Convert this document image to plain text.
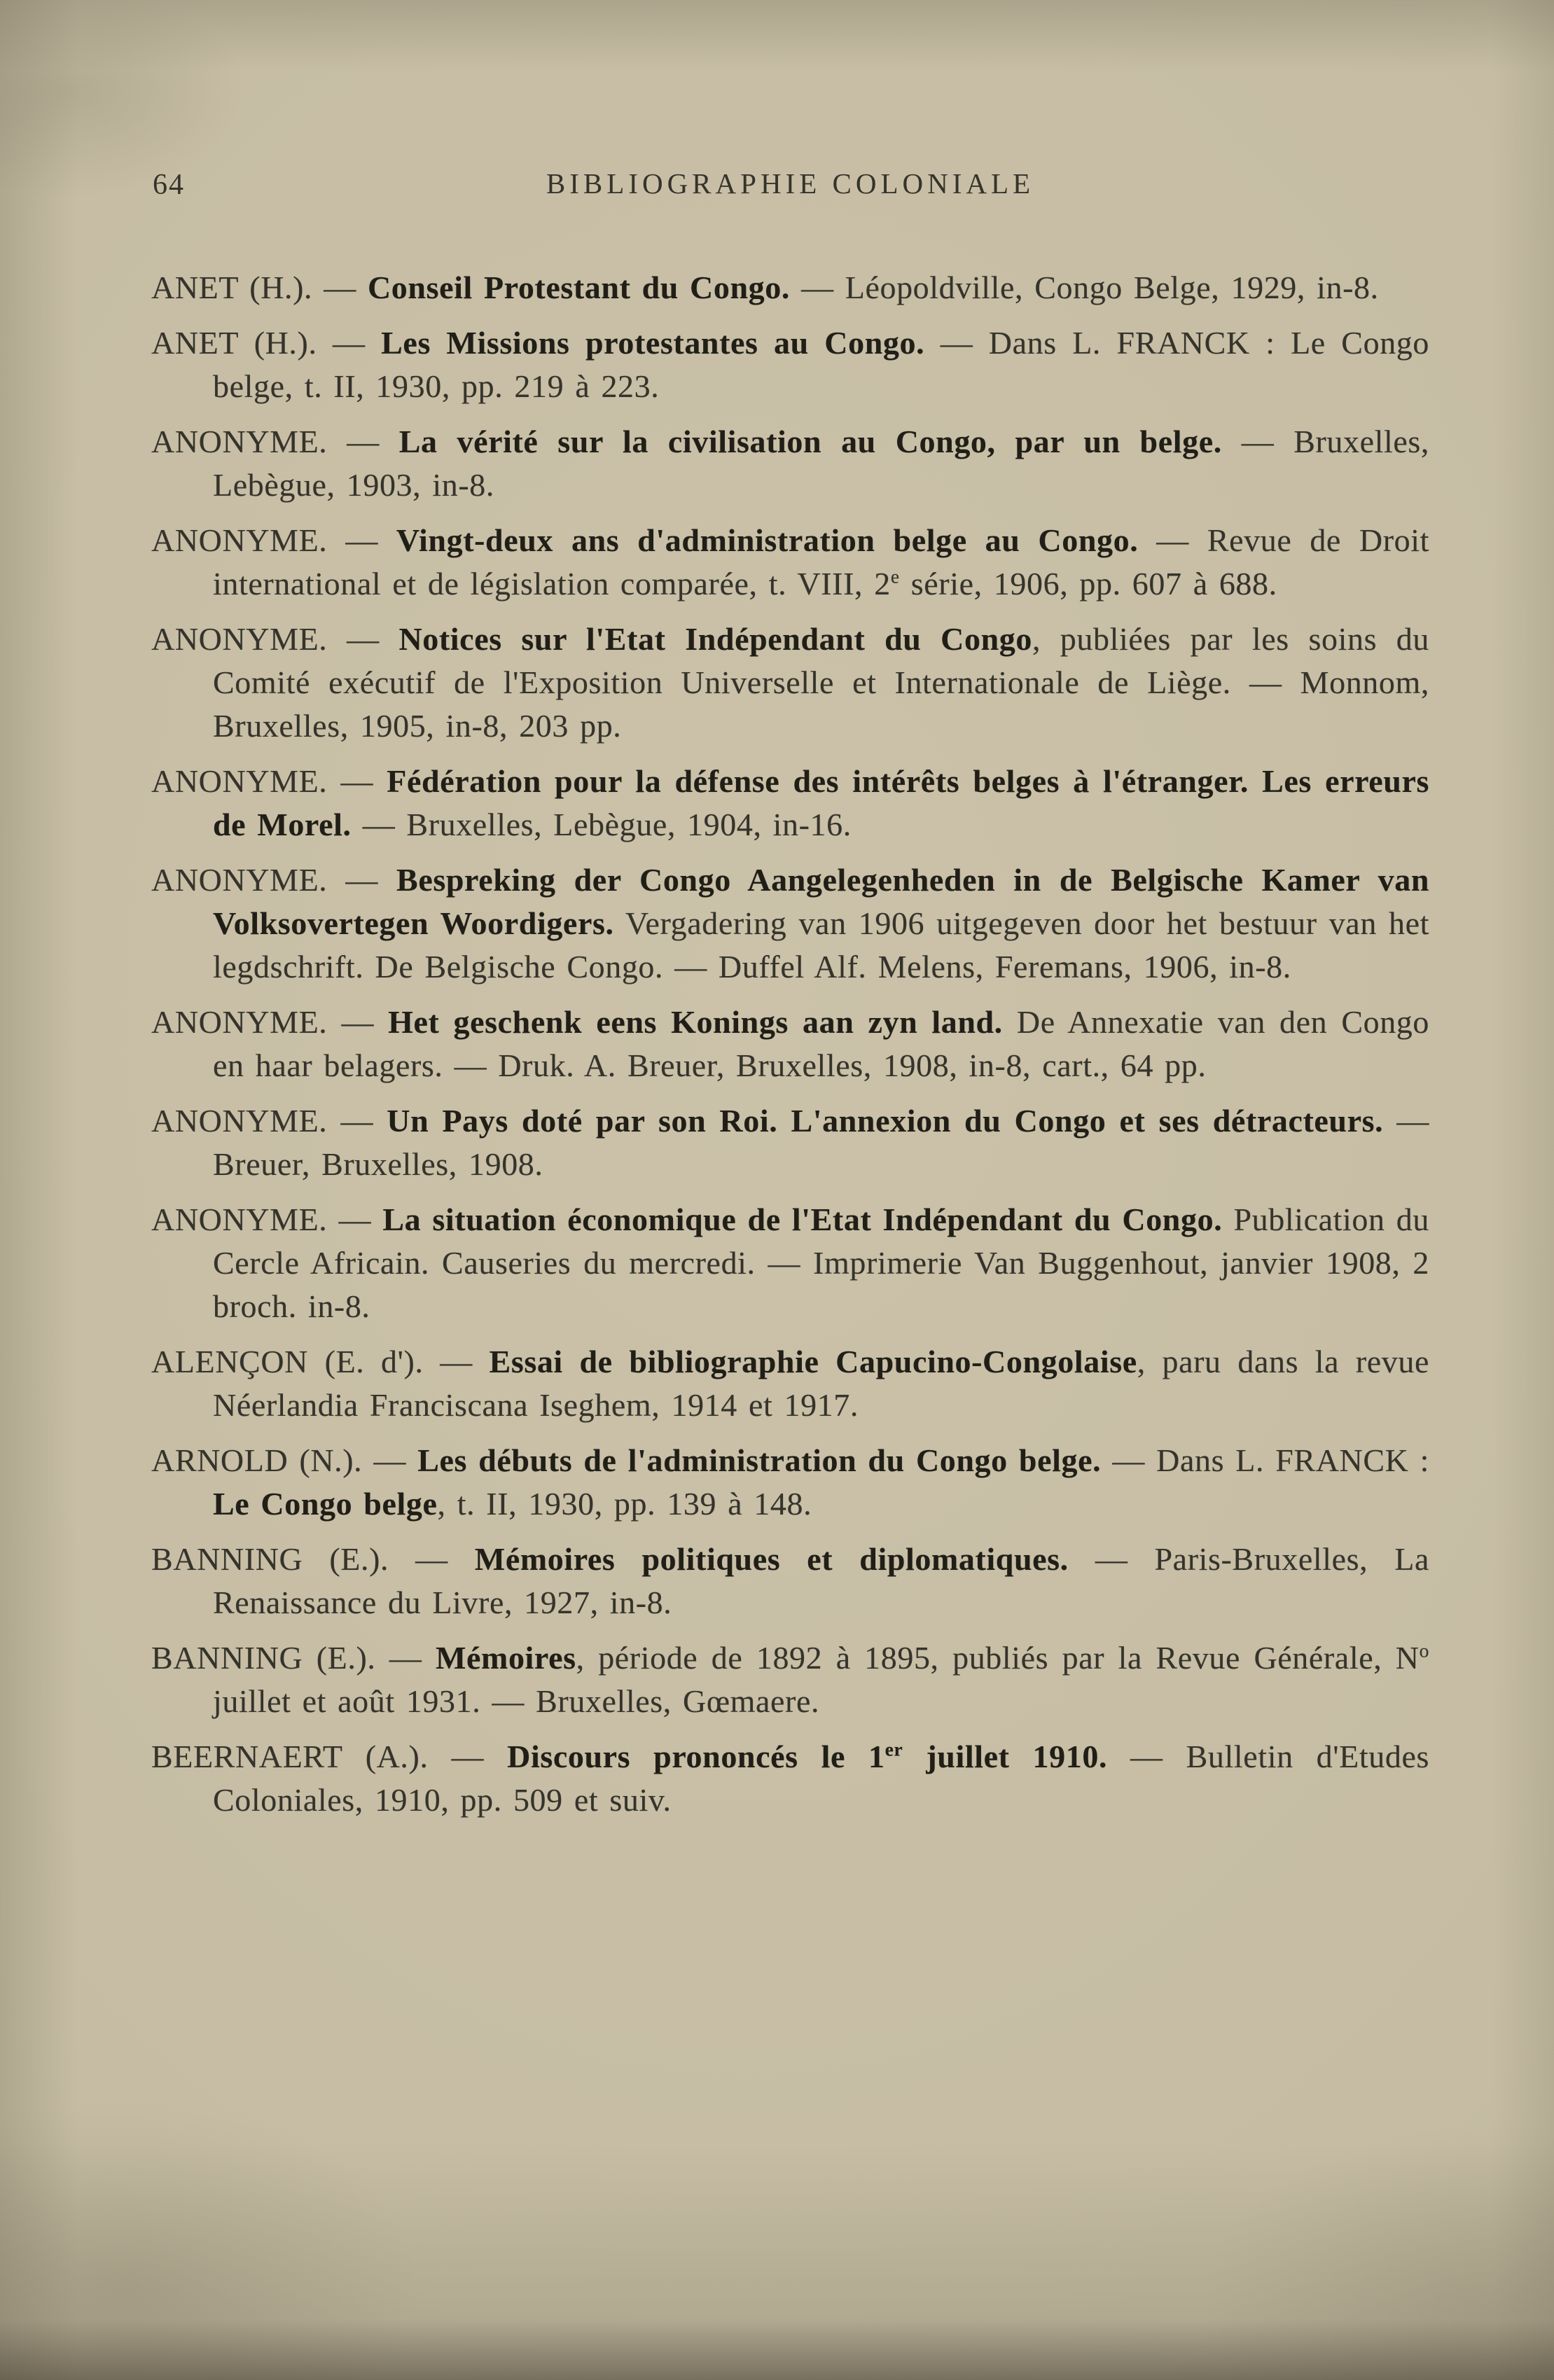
64	BIBLIOGRAPHIE COLONIALE

ANET (H.). — Conseil Protestant du Congo. — Léopoldville, Congo Belge, 1929, in-8.

ANET (H.). — Les Missions protestantes au Congo. — Dans L. FRANCK : Le Congo belge, t. II, 1930, pp. 219 à 223.

ANONYME. — La vérité sur la civilisation au Congo, par un belge. — Bruxelles, Lebègue, 1903, in-8.

ANONYME. — Vingt-deux ans d'administration belge au Congo. — Revue de Droit international et de législation comparée, t. VIII, 2e série, 1906, pp. 607 à 688.

ANONYME. — Notices sur l'Etat Indépendant du Congo, publiées par les soins du Comité exécutif de l'Exposition Universelle et Internationale de Liège. — Monnom, Bruxelles, 1905, in-8, 203 pp.

ANONYME. — Fédération pour la défense des intérêts belges à l'étranger. Les erreurs de Morel. — Bruxelles, Lebègue, 1904, in-16.

ANONYME. — Bespreking der Congo Aangelegenheden in de Belgische Kamer van Volksovertegen Woordigers. Vergadering van 1906 uitgegeven door het bestuur van het legdschrift. De Belgische Congo. — Duffel Alf. Melens, Feremans, 1906, in-8.

ANONYME. — Het geschenk eens Konings aan zyn land. De Annexatie van den Congo en haar belagers. — Druk. A. Breuer, Bruxelles, 1908, in-8, cart., 64 pp.

ANONYME. — Un Pays doté par son Roi. L'annexion du Congo et ses détracteurs. — Breuer, Bruxelles, 1908.

ANONYME. — La situation économique de l'Etat Indépendant du Congo. Publication du Cercle Africain. Causeries du mercredi. — Imprimerie Van Buggenhout, janvier 1908, 2 broch. in-8.

ALENÇON (E. d'). — Essai de bibliographie Capucino-Congolaise, paru dans la revue Néerlandia Franciscana Iseghem, 1914 et 1917.

ARNOLD (N.). — Les débuts de l'administration du Congo belge. — Dans L. FRANCK : Le Congo belge, t. II, 1930, pp. 139 à 148.

BANNING (E.). — Mémoires politiques et diplomatiques. — Paris-Bruxelles, La Renaissance du Livre, 1927, in-8.

BANNING (E.). — Mémoires, période de 1892 à 1895, publiés par la Revue Générale, $N^o$ juillet et août 1931. — Bruxelles, Gœmaere.

BEERNAERT (A.). — Discours prononcés le 1er juillet 1910. — Bulletin d'Etudes Coloniales, 1910, pp. 509 et suiv.
